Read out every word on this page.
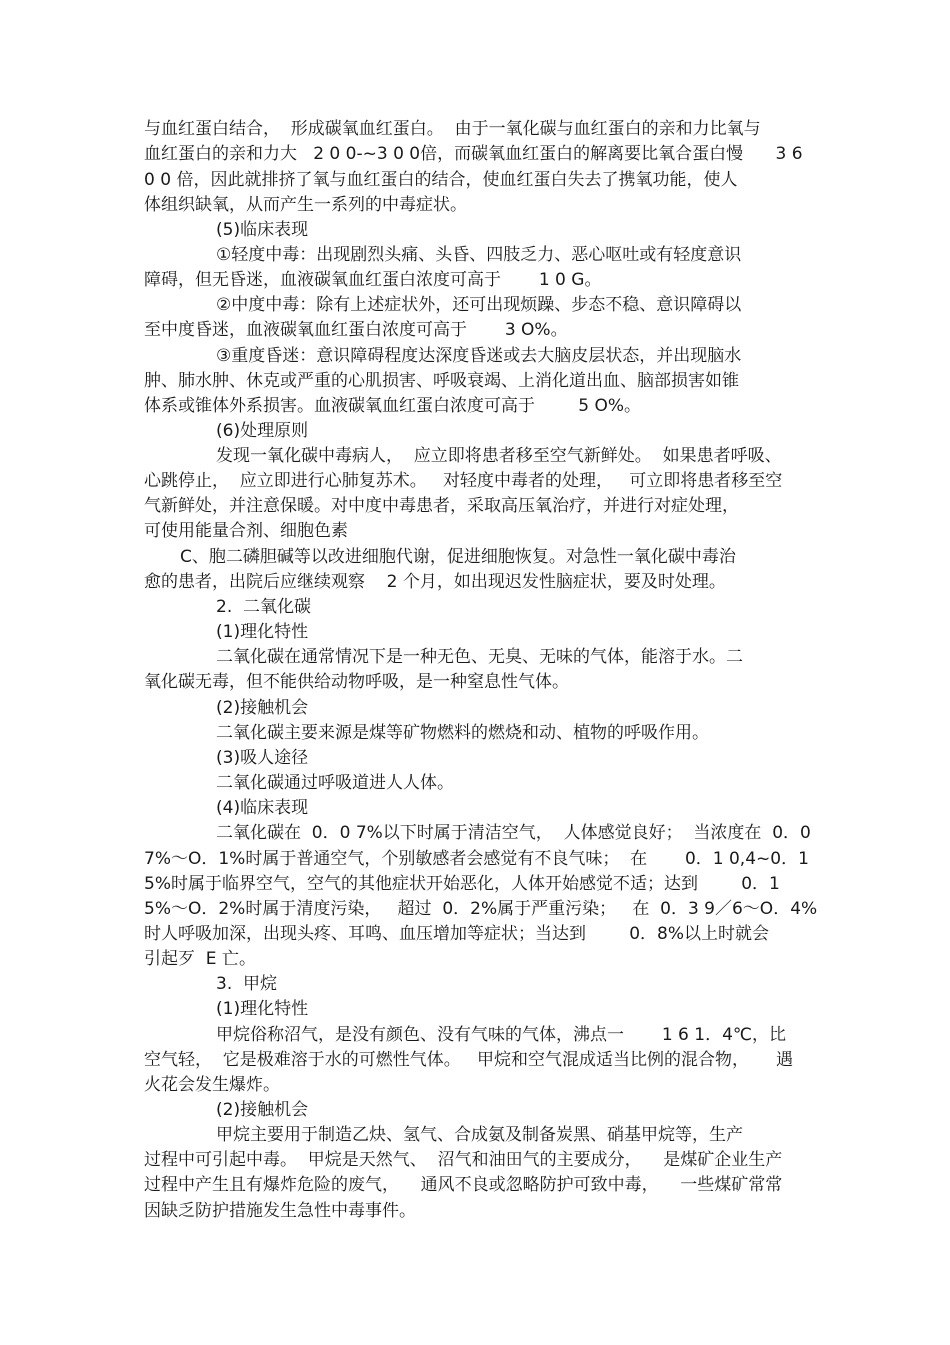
与血红蛋白结合，  形成碳氧血红蛋白。  由于一氧化碳与血红蛋白的亲和力比氧与
血红蛋白的亲和力大   2 0 0-~3 0 0倍，而碳氧血红蛋白的解离要比氧合蛋白慢      3 6
0 0 倍，因此就排挤了氧与血红蛋白的结合，使血红蛋白失去了携氧功能，使人
体组织缺氧，从而产生一系列的中毒症状。
(5)临床表现
①轻度中毒：出现剧烈头痛、头昏、四肢乏力、恶心呕吐或有轻度意识
障碍，但无昏迷，血液碳氧血红蛋白浓度可高于       1 0 G。
②中度中毒：除有上述症状外，还可出现烦躁、步态不稳、意识障碍以
至中度昏迷，血液碳氧血红蛋白浓度可高于       3 O%。
③重度昏迷：意识障碍程度达深度昏迷或去大脑皮层状态，并出现脑水
肿、肺水肿、休克或严重的心肌损害、呼吸衰竭、上消化道出血、脑部损害如锥
体系或锥体外系损害。血液碳氧血红蛋白浓度可高于        5 O%。
(6)处理原则
发现一氧化碳中毒病人，  应立即将患者移至空气新鲜处。  如果患者呼吸、
心跳停止，  应立即进行心肺复苏术。   对轻度中毒者的处理，   可立即将患者移至空
气新鲜处，并注意保暖。对中度中毒患者，采取高压氧治疗，并进行对症处理，
可使用能量合剂、细胞色素
C、胞二磷胆碱等以改进细胞代谢，促进细胞恢复。对急性一氧化碳中毒治
愈的患者，出院后应继续观察    2 个月，如出现迟发性脑症状，要及时处理。
2.  二氧化碳
(1)理化特性
二氧化碳在通常情况下是一种无色、无臭、无味的气体，能溶于水。二
氧化碳无毒，但不能供给动物呼吸，是一种窒息性气体。
(2)接触机会
二氧化碳主要来源是煤等矿物燃料的燃烧和动、植物的呼吸作用。
(3)吸人途径
二氧化碳通过呼吸道进人人体。
(4)临床表现
二氧化碳在  0．0 7%以下时属于清洁空气，  人体感觉良好；  当浓度在  0．0
7%～O．1%时属于普通空气，个别敏感者会感觉有不良气味；  在       0．1 0,4~0．1
5%时属于临界空气，空气的其他症状开始恶化，人体开始感觉不适；达到        0．1
5%～O．2%时属于清度污染，   超过  0．2%属于严重污染；   在  0．3 9／6～O．4%
时人呼吸加深，出现头疼、耳鸣、血压增加等症状；当达到        0．8%以上时就会
引起歹  E 亡。
3.  甲烷
(1)理化特性
甲烷俗称沼气，是没有颜色、没有气味的气体，沸点一       1 6 1．4℃，比
空气轻，  它是极难溶于水的可燃性气体。   甲烷和空气混成适当比例的混合物，     遇
火花会发生爆炸。
(2)接触机会
甲烷主要用于制造乙炔、氢气、合成氨及制备炭黑、硝基甲烷等，生产
过程中可引起中毒。  甲烷是天然气、  沼气和油田气的主要成分，    是煤矿企业生产
过程中产生且有爆炸危险的废气，    通风不良或忽略防护可致中毒，    一些煤矿常常
因缺乏防护措施发生急性中毒事件。
